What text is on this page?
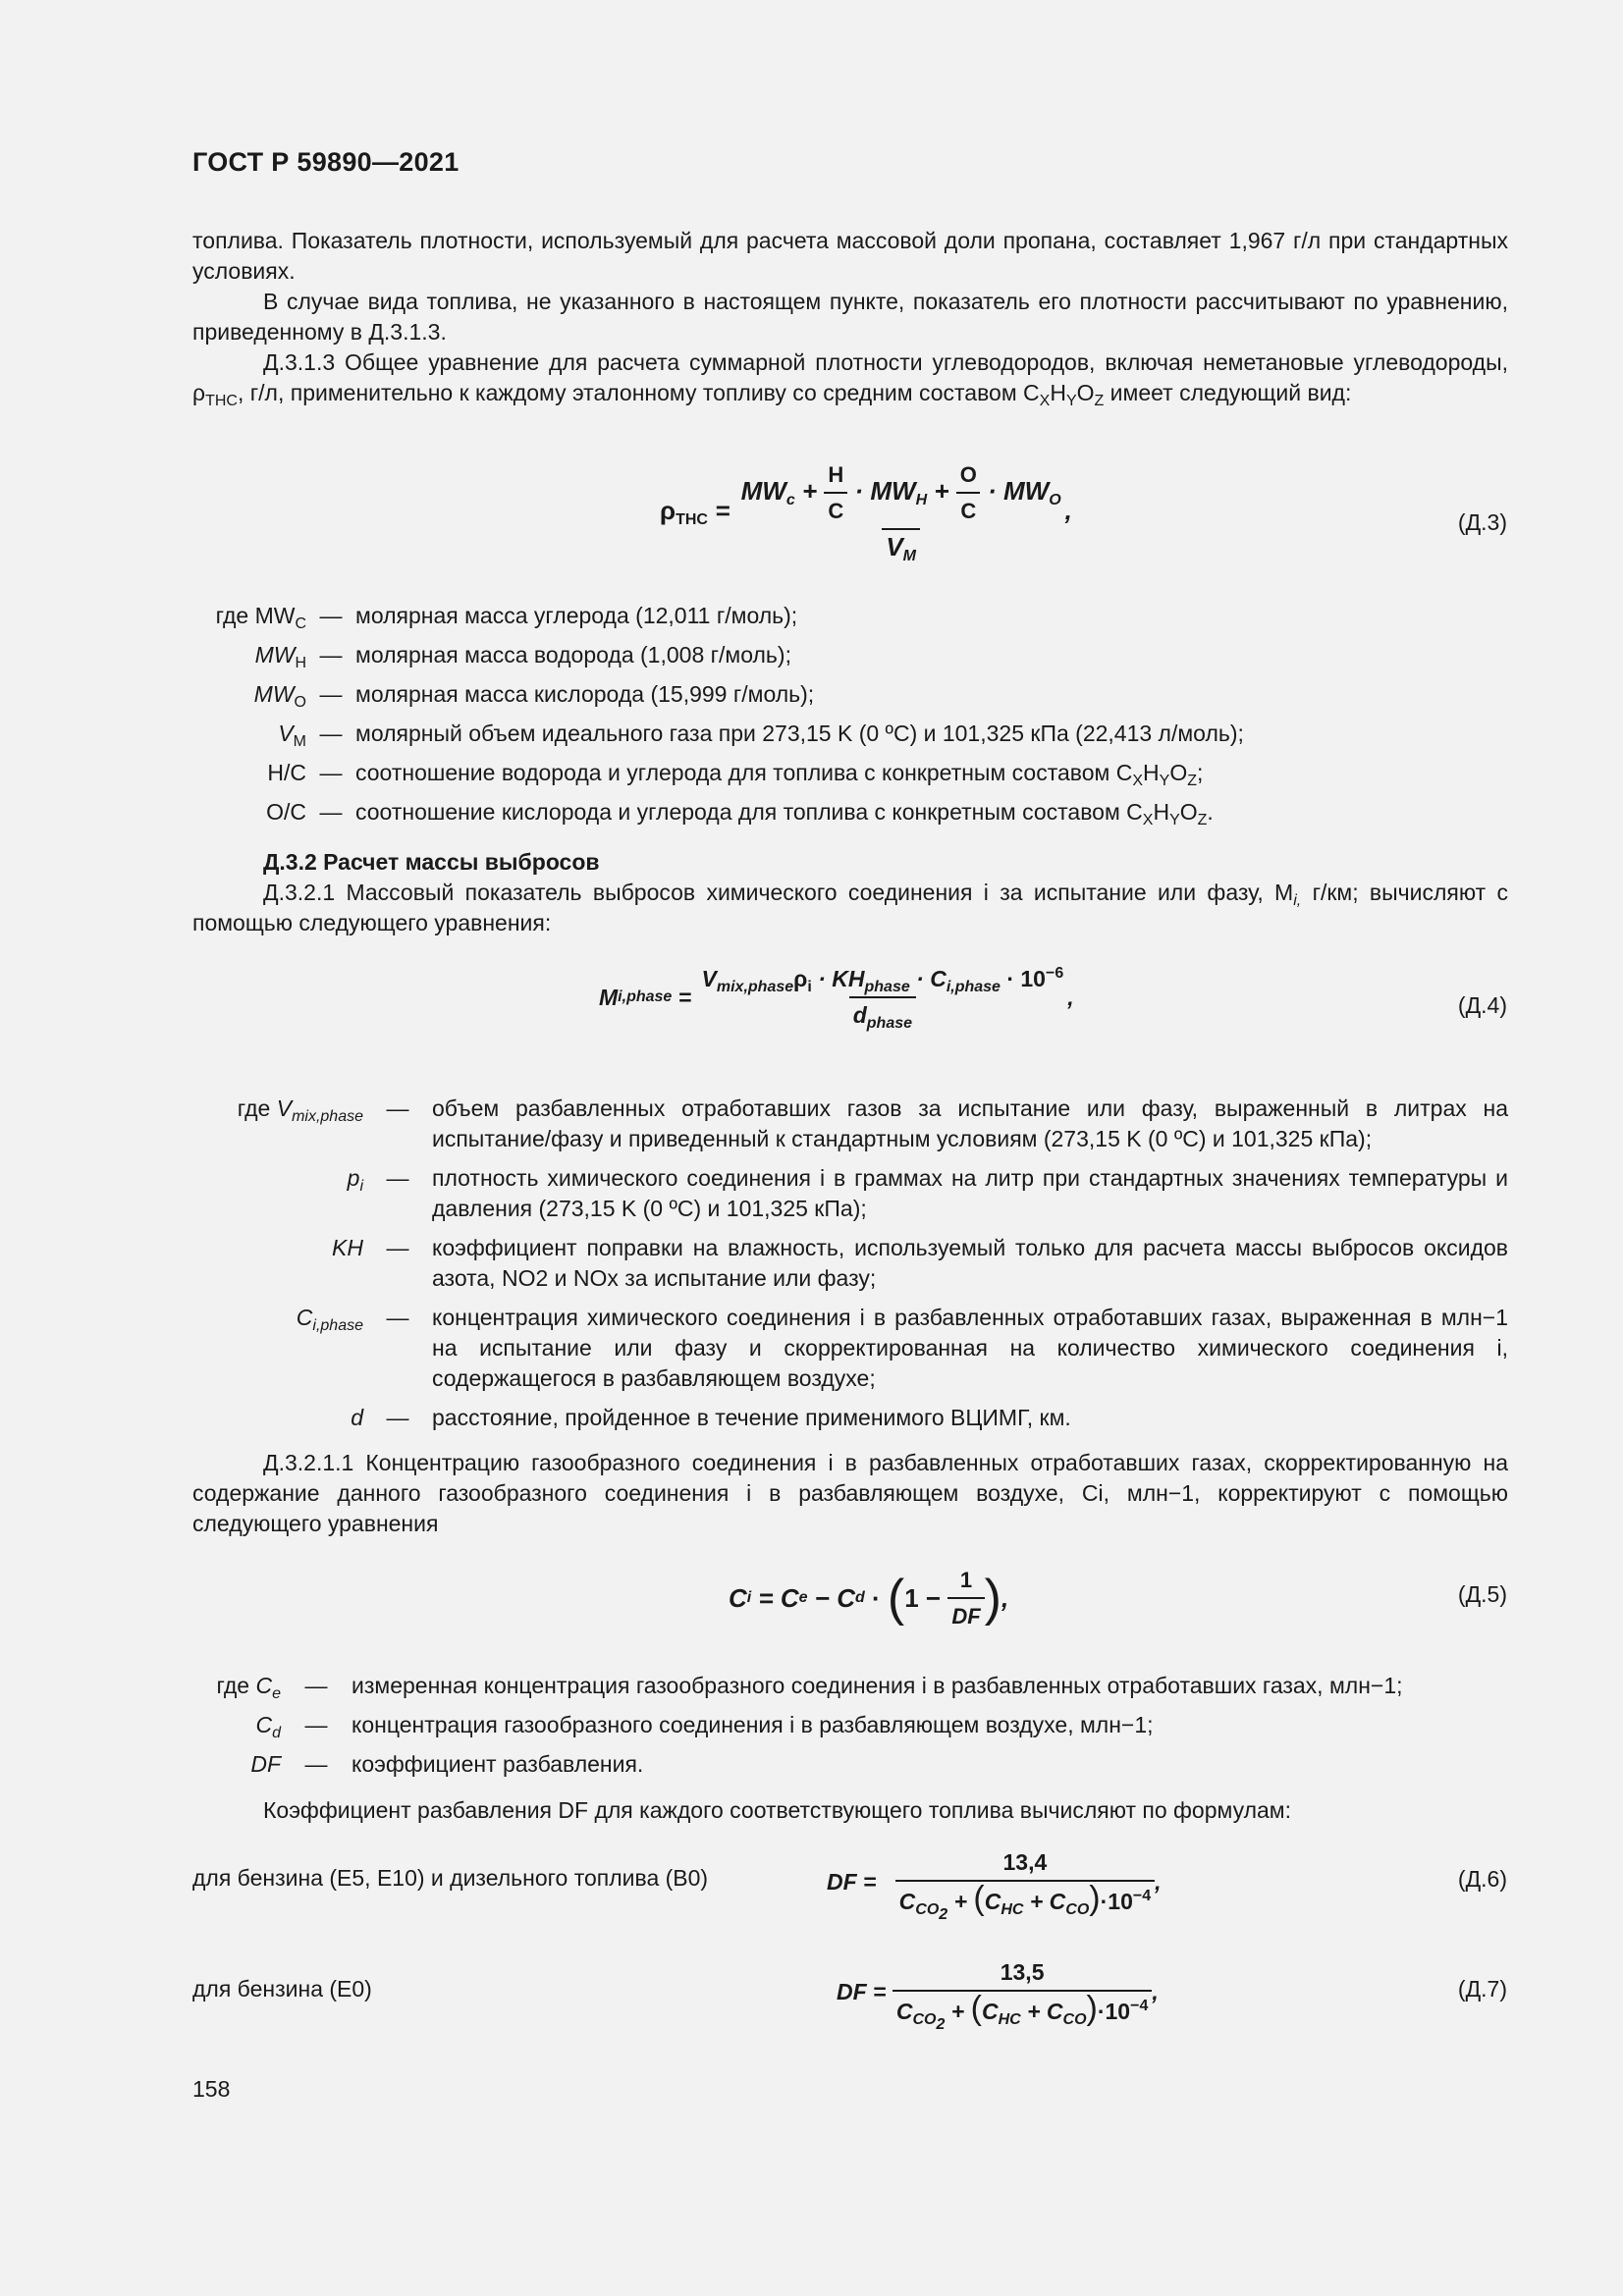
ГОСТ Р 59890—2021

топлива. Показатель плотности, используемый для расчета массовой доли пропана, составляет 1,967 г/л при стандартных условиях.

В случае вида топлива, не указанного в настоящем пункте, показатель его плотности рассчитывают по уравнению, приведенному в Д.3.1.3.

Д.3.1.3 Общее уравнение для расчета суммарной плотности углеводородов, включая неметановые углеводороды, $\rho_{THC}$, г/л, применительно к каждому эталонному топливу со средним составом $C_XH_YO_Z$ имеет следующий вид:

$\rho_{THC} = \frac{MW_c + \frac{H}{C} \cdot MW_H + \frac{O}{C} \cdot MW_O}{V_M}$ ,	(Д.3)
где $MW_C$	—	молярная масса углерода (12,011 г/моль);
$MW_H$	—	молярная масса водорода (1,008 г/моль);
$MW_O$	—	молярная масса кислорода (15,999 г/моль);
$V_M$	—	молярный объем идеального газа при 273,15 K (0 ºС) и 101,325 кПа (22,413 л/моль);
H/C	—	соотношение водорода и углерода для топлива с конкретным составом $C_XH_YO_Z$;
O/C	—	соотношение кислорода и углерода для топлива с конкретным составом $C_XH_YO_Z$.

Д.3.2 Расчет массы выбросов

Д.3.2.1 Массовый показатель выбросов химического соединения i за испытание или фазу, $M_{i,}$ г/км; вычисляют с помощью следующего уравнения:

M i,phase = $\frac{V_{mix,phase}\rho_i \cdot KH_{phase} \cdot C_{i,phase} \cdot 10^{-6}}{d_{phase}}$ ,	(Д.4)
где $V_{mix,phase}$	—	объем разбавленных отработавших газов за испытание или фазу, выраженный в литрах на испытание/фазу и приведенный к стандартным условиям (273,15 K (0 ºС) и 101,325 кПа);
$p_i$	—	плотность химического соединения i в граммах на литр при стандартных значениях температуры и давления (273,15 K (0 ºС) и 101,325 кПа);
KH	—	коэффициент поправки на влажность, используемый только для расчета массы выбросов оксидов азота, NO2 и NOx за испытание или фазу;
$C_{i,phase}$	—	концентрация химического соединения i в разбавленных отработавших газах, выраженная в млн−1 на испытание или фазу и скорректированная на количество химического соединения i, содержащегося в разбавляющем воздухе;
d	—	расстояние, пройденное в течение применимого ВЦИМГ, км.

Д.3.2.1.1 Концентрацию газообразного соединения i в разбавленных отработавших газах, скорректированную на содержание данного газообразного соединения i в разбавляющем воздухе, Ci, млн−1, корректируют с помощью следующего уравнения

C i = C e − C d
·
( 1 −
$\frac{1}{DF}$ ) ,	(Д.5)
где $C_e$	—	измеренная концентрация газообразного соединения i в разбавленных отработавших газах, млн−1;
$C_d$	—	концентрация газообразного соединения i в разбавляющем воздухе, млн−1;
DF	—	коэффициент разбавления.

Коэффициент разбавления DF для каждого соответствующего топлива вычисляют по формулам:

для бензина (Е5, Е10) и дизельного топлива (В0)	DF = $\frac{13,4}{C_{CO_2} + (C_{HC} + C_{CO})\cdot 10^{-4}}$ ,	(Д.6)
для бензина (Е0)	DF = $\frac{13,5}{C_{CO_2} + (C_{HC} + C_{CO})\cdot 10^{-4}}$ ,	(Д.7)
158
